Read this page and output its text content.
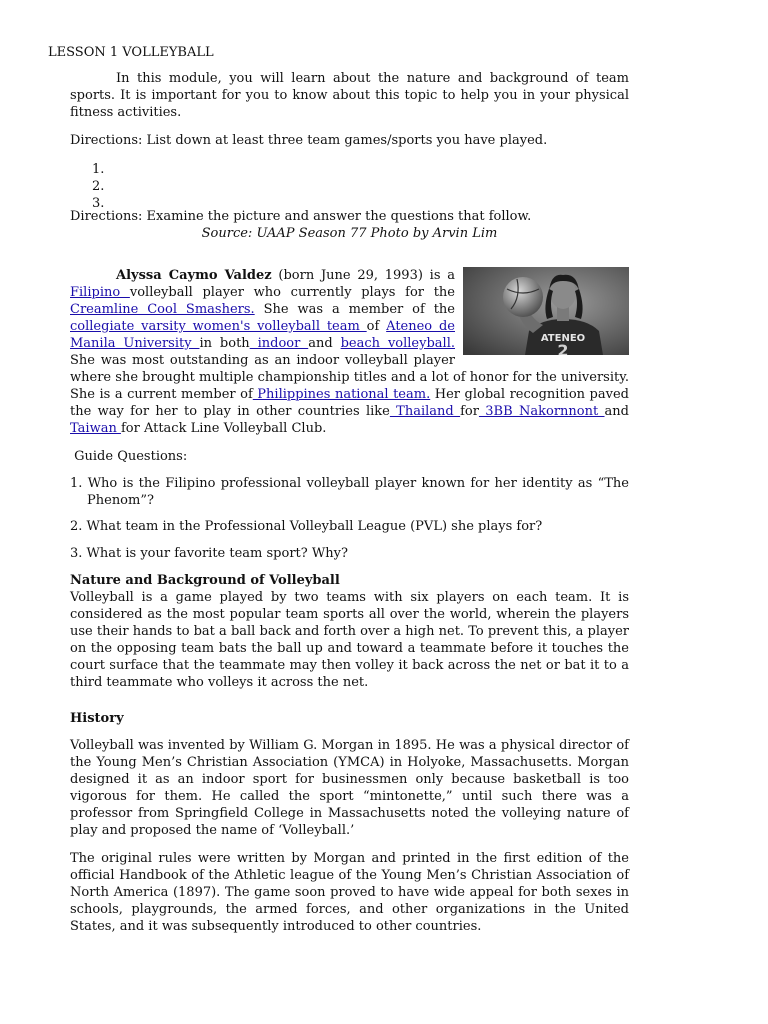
LESSON 1 VOLLEYBALL

In this module, you will learn about the nature and background of team sports. It is important for you to know about this topic to help you in your physical fitness activities.

Directions: List down at least three team games/sports you have played.

1.
2.
3.

Directions: Examine the picture and answer the questions that follow.

Source: UAAP Season 77 Photo by Arvin Lim

ATENEO
2

Alyssa Caymo Valdez (born June 29, 1993) is a Filipino volleyball player who currently plays for the Creamline Cool Smashers. She was a member of the collegiate varsity women's volleyball team of Ateneo de Manila University in both indoor and beach volleyball. She was most outstanding as an indoor volleyball player where she brought multiple championship titles and a lot of honor for the university. She is a current member of Philippines national team. Her global recognition paved the way for her to play in other countries like Thailand for 3BB Nakornnont and Taiwan for Attack Line Volleyball Club.

Guide Questions:

1. Who is the Filipino professional volleyball player known for her identity as “The Phenom”?

2. What team in the Professional Volleyball League (PVL) she plays for?

3. What is your favorite team sport? Why?

Nature and Background of Volleyball

Volleyball is a game played by two teams with six players on each team. It is considered as the most popular team sports all over the world, wherein the players use their hands to bat a ball back and forth over a high net. To prevent this, a player on the opposing team bats the ball up and toward a teammate before it touches the court surface that the teammate may then volley it back across the net or bat it to a third teammate who volleys it across the net.

History

Volleyball was invented by William G. Morgan in 1895. He was a physical director of the Young Men’s Christian Association (YMCA) in Holyoke, Massachusetts. Morgan designed it as an indoor sport for businessmen only because basketball is too vigorous for them. He called the sport “mintonette,” until such there was a professor from Springfield College in Massachusetts noted the volleying nature of play and proposed the name of ‘Volleyball.’

The original rules were written by Morgan and printed in the first edition of the official Handbook of the Athletic league of the Young Men’s Christian Association of North America (1897). The game soon proved to have wide appeal for both sexes in schools, playgrounds, the armed forces, and other organizations in the United States, and it was subsequently introduced to other countries.
